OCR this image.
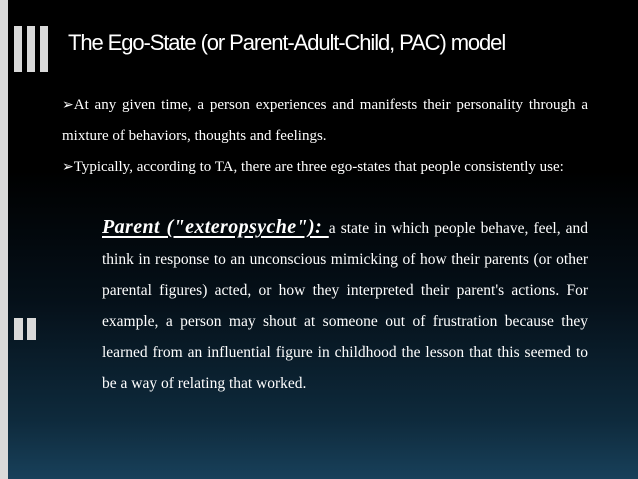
The Ego-State (or Parent-Adult-Child, PAC) model
➢At any given time, a person experiences and manifests their personality through a mixture of behaviors, thoughts and feelings.
➢Typically, according to TA, there are three ego-states that people consistently use:
Parent ("exteropsyche"): a state in which people behave, feel, and think in response to an unconscious mimicking of how their parents (or other parental figures) acted, or how they interpreted their parent's actions. For example, a person may shout at someone out of frustration because they learned from an influential figure in childhood the lesson that this seemed to be a way of relating that worked.
